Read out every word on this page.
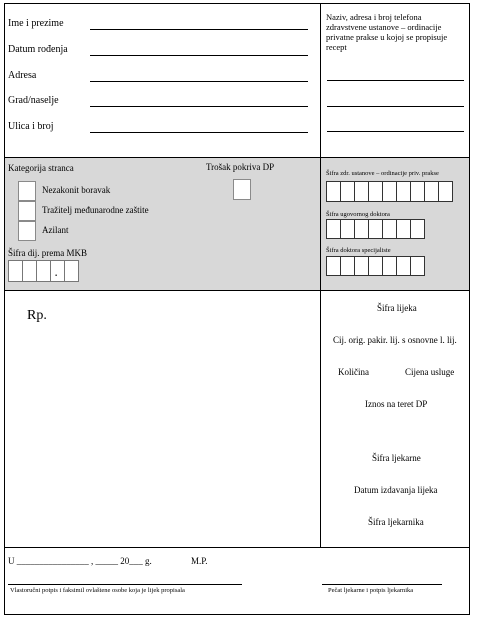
Ime i prezime
Datum rođenja
Adresa
Grad/naselje
Ulica i broj
Naziv, adresa i broj telefona zdravstvene ustanove – ordinacije privatne prakse u kojoj se propisuje recept
Kategorija stranca	Trošak pokriva DP
Nezakonit boravak
Tražitelj međunarodne zaštite
Azilant
Šifra dij. prema MKB
.
Šifra zdr. ustanove – ordinacije priv. prakse
Šifra ugovornog doktora
Šifra doktora specijaliste
Rp.	Šifra lijeka
Cij. orig. pakir. lij. s osnovne l. lij.
Količina	Cijena usluge
Iznos na teret DP
Šifra ljekarne
Datum izdavanja lijeka
Šifra ljekarnika
U ________________ , _____ 20___ g.	M.P.
Vlastoručni potpis i faksimil ovlaštene osobe koja je lijek propisala	Pečat ljekarne i potpis ljekarnika
